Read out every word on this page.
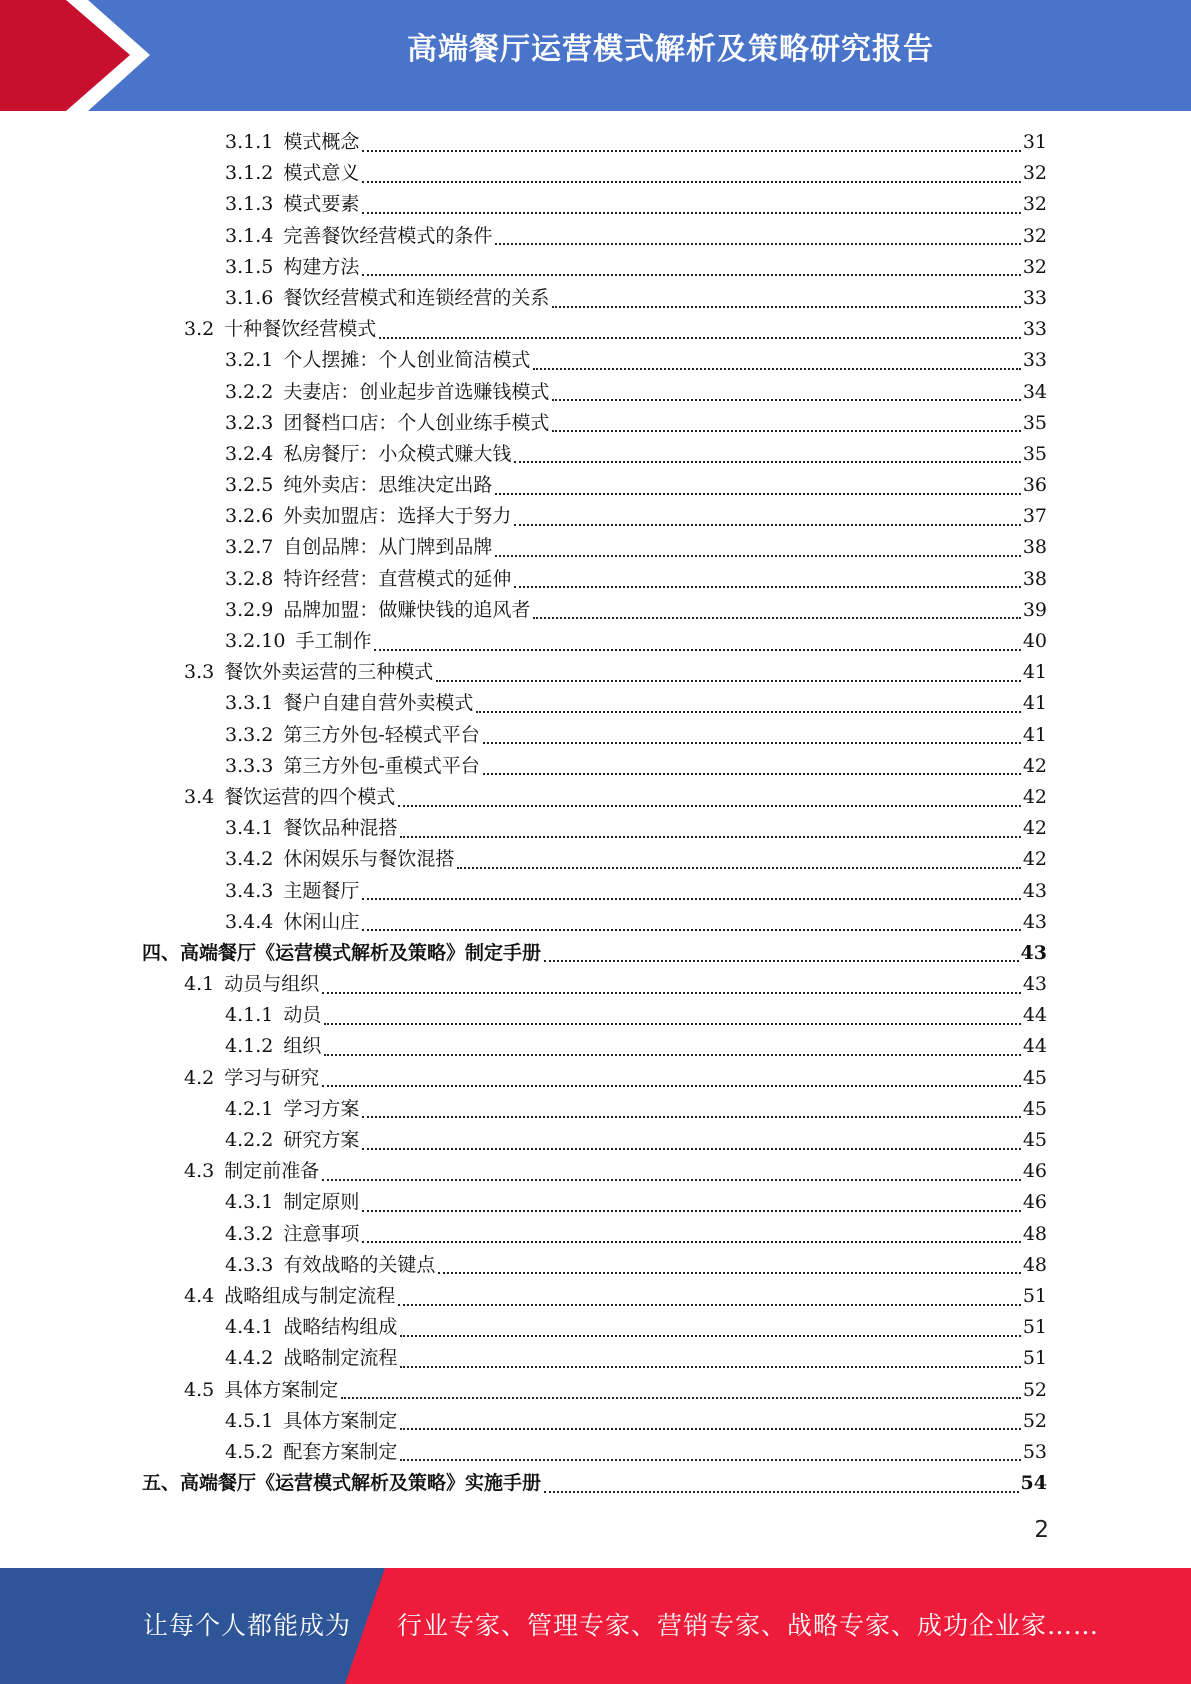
高端餐厅运营模式解析及策略研究报告
3.1.1 模式概念	31
3.1.2 模式意义	32
3.1.3 模式要素	32
3.1.4 完善餐饮经营模式的条件	32
3.1.5 构建方法	32
3.1.6 餐饮经营模式和连锁经营的关系	33
3.2 十种餐饮经营模式	33
3.2.1 个人摆摊：个人创业简洁模式	33
3.2.2 夫妻店：创业起步首选赚钱模式	34
3.2.3 团餐档口店：个人创业练手模式	35
3.2.4 私房餐厅：小众模式赚大钱	35
3.2.5 纯外卖店：思维决定出路	36
3.2.6 外卖加盟店：选择大于努力	37
3.2.7 自创品牌：从门牌到品牌	38
3.2.8 特许经营：直营模式的延伸	38
3.2.9 品牌加盟：做赚快钱的追风者	39
3.2.10 手工制作	40
3.3 餐饮外卖运营的三种模式	41
3.3.1 餐户自建自营外卖模式	41
3.3.2 第三方外包-轻模式平台	41
3.3.3 第三方外包-重模式平台	42
3.4 餐饮运营的四个模式	42
3.4.1 餐饮品种混搭	42
3.4.2 休闲娱乐与餐饮混搭	42
3.4.3 主题餐厅	43
3.4.4 休闲山庄	43
四、高端餐厅《运营模式解析及策略》制定手册	43
4.1 动员与组织	43
4.1.1 动员	44
4.1.2 组织	44
4.2 学习与研究	45
4.2.1 学习方案	45
4.2.2 研究方案	45
4.3 制定前准备	46
4.3.1 制定原则	46
4.3.2 注意事项	48
4.3.3 有效战略的关键点	48
4.4 战略组成与制定流程	51
4.4.1 战略结构组成	51
4.4.2 战略制定流程	51
4.5 具体方案制定	52
4.5.1 具体方案制定	52
4.5.2 配套方案制定	53
五、高端餐厅《运营模式解析及策略》实施手册	54
2
让每个人都能成为 行业专家、管理专家、营销专家、战略专家、成功企业家……
